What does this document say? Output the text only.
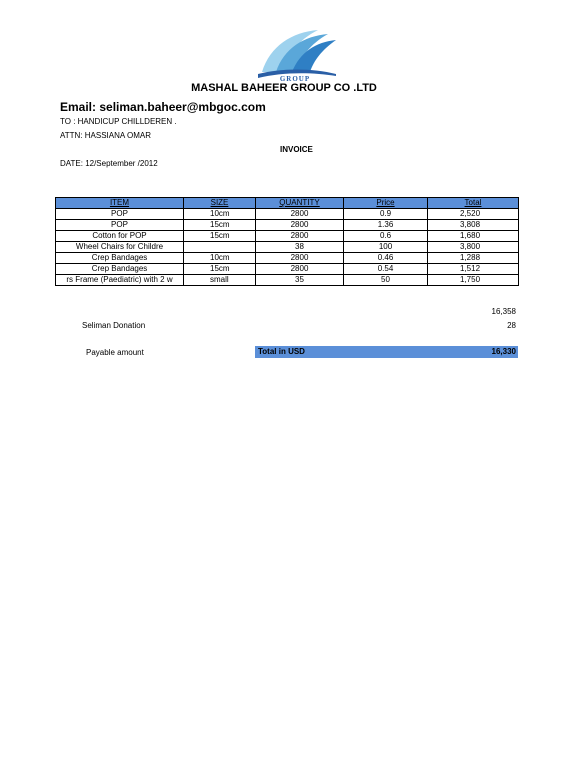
GROUP
MASHAL BAHEER GROUP CO .LTD
Email: seliman.baheer@mbgoc.com
TO : HANDICUP CHILLDEREN .
ATTN: HASSIANA OMAR
INVOICE
DATE: 12/September /2012
ITEM	SIZE	QUANTITY	Price	Total
POP	10cm	2800	0.9	2,520
POP	15cm	2800	1.36	3,808
Cotton for POP	15cm	2800	0.6	1,680
Wheel Chairs for Childre		38	100	3,800
Crep Bandages	10cm	2800	0.46	1,288
Crep Bandages	15cm	2800	0.54	1,512
rs Frame (Paediatric) with 2 w	small	35	50	1,750
16,358
Seliman Donation	28
Payable amount	Total in USD	16,330
